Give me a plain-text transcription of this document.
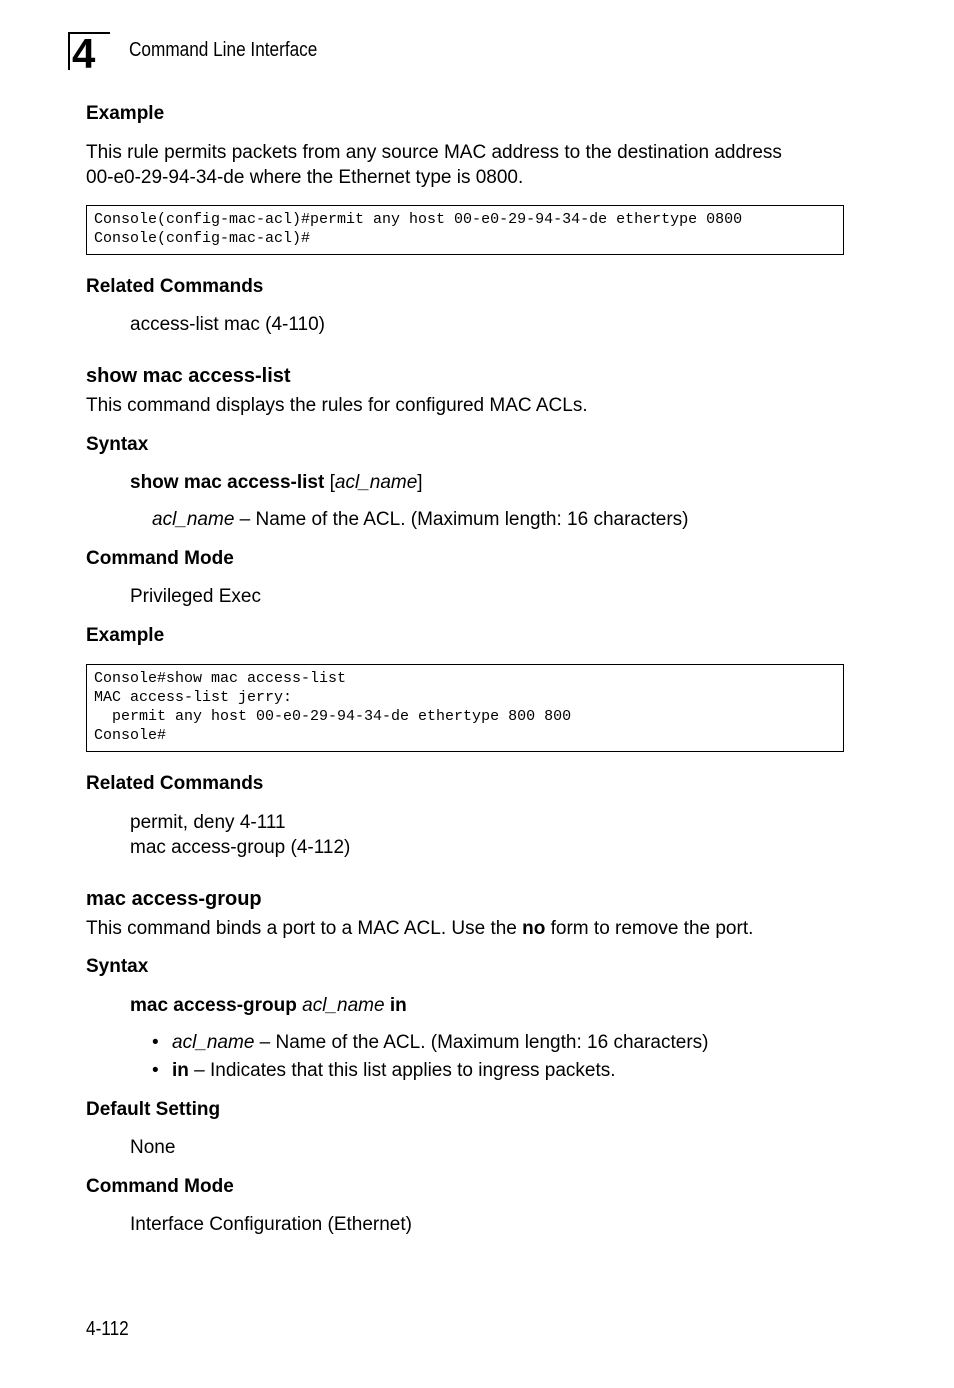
4	Command Line Interface
Example
This rule permits packets from any source MAC address to the destination address
00-e0-29-94-34-de where the Ethernet type is 0800.
Console(config-mac-acl)#permit any host 00-e0-29-94-34-de ethertype 0800
Console(config-mac-acl)#
Related Commands
access-list mac (4-110)
show mac access-list
This command displays the rules for configured MAC ACLs.
Syntax
show mac access-list [acl_name]
acl_name – Name of the ACL. (Maximum length: 16 characters)
Command Mode
Privileged Exec
Example
Console#show mac access-list
MAC access-list jerry:
permit any host 00-e0-29-94-34-de ethertype 800 800
Console#
Related Commands
permit, deny 4-111
mac access-group (4-112)
mac access-group
This command binds a port to a MAC ACL. Use the no form to remove the port.
Syntax
mac access-group acl_name in
• acl_name – Name of the ACL. (Maximum length: 16 characters)
• in – Indicates that this list applies to ingress packets.
Default Setting
None
Command Mode
Interface Configuration (Ethernet)
4-112
